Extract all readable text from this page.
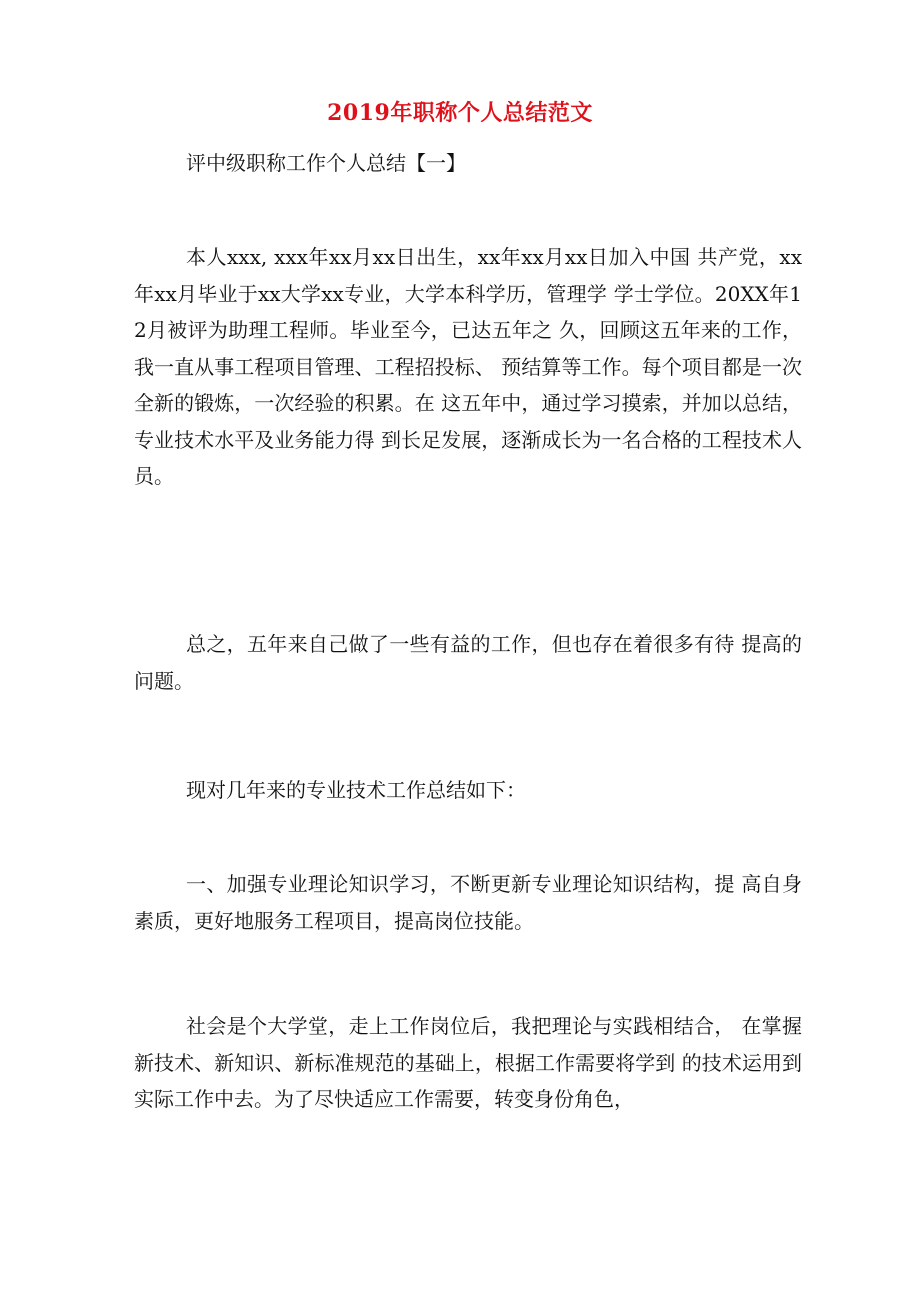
2019年职称个人总结范文
评中级职称工作个人总结【一】
本人xxx, xxx年xx月xx日出生，xx年xx月xx日加入中国 共产党，xx年xx月毕业于xx大学xx专业，大学本科学历，管理学 学士学位。20XX年12月被评为助理工程师。毕业至今，已达五年之 久，回顾这五年来的工作，我一直从事工程项目管理、工程招投标、 预结算等工作。每个项目都是一次全新的锻炼，一次经验的积累。在 这五年中，通过学习摸索，并加以总结，专业技术水平及业务能力得 到长足发展，逐渐成长为一名合格的工程技术人员。
总之，五年来自己做了一些有益的工作，但也存在着很多有待 提高的问题。
现对几年来的专业技术工作总结如下：
一、加强专业理论知识学习，不断更新专业理论知识结构，提 高自身素质，更好地服务工程项目，提高岗位技能。
社会是个大学堂，走上工作岗位后，我把理论与实践相结合， 在掌握新技术、新知识、新标准规范的基础上，根据工作需要将学到 的技术运用到实际工作中去。为了尽快适应工作需要，转变身份角色，
